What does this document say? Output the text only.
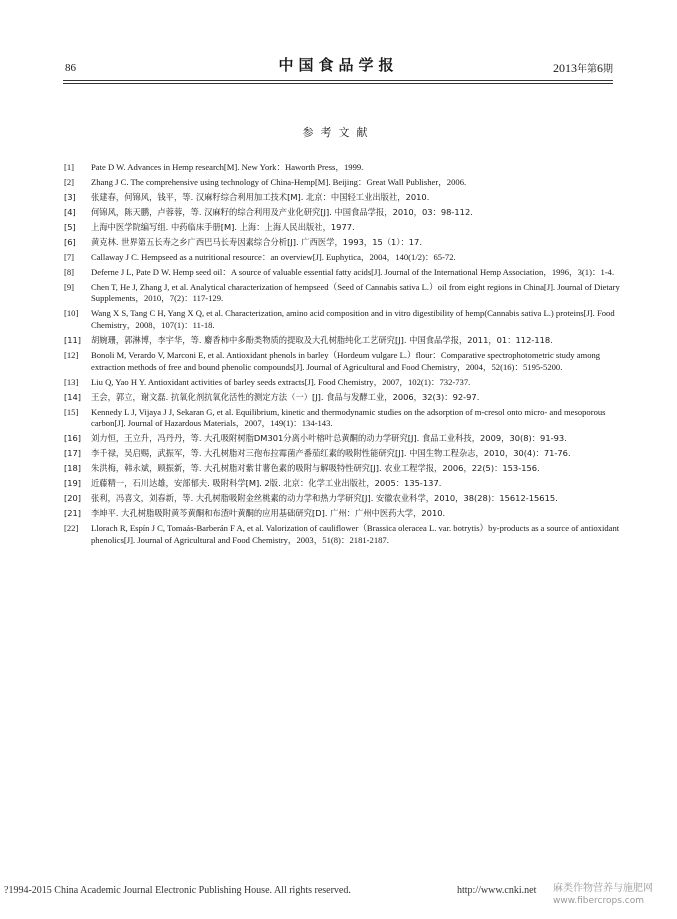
86	中国食品学报	2013年第6期
参考文献
[1] Pate D W. Advances in Hemp research[M]. New York：Haworth Press，1999.
[2] Zhang J C. The comprehensive using technology of China-Hemp[M]. Beijing：Great Wall Publisher，2006.
[3] 张建春，何锦风，钱平，等. 汉麻籽综合利用加工技术[M]. 北京：中国轻工业出版社，2010.
[4] 何锦风，陈天鹏，卢蓉蓉，等. 汉麻籽的综合利用及产业化研究[J]. 中国食品学报，2010，03：98-112.
[5] 上海中医学院编写组. 中药临床手册[M]. 上海：上海人民出版社，1977.
[6] 黄克林. 世界第五长寿之乡广西巴马长寿因素综合分析[J]. 广西医学，1993，15（1）：17.
[7] Callaway J C. Hempseed as a nutritional resource：an overview[J]. Euphytica，2004，140(1/2)：65-72.
[8] Deferne J L, Pate D W. Hemp seed oil：A source of valuable essential fatty acids[J]. Journal of the International Hemp Association，1996，3(1)：1-4.
[9] Chen T, He J, Zhang J, et al. Analytical characterization of hempseed（Seed of Cannabis sativa L.）oil from eight regions in China[J]. Journal of Dietary Supplements，2010，7(2)：117-129.
[10] Wang X S, Tang C H, Yang X Q, et al. Characterization, amino acid composition and in vitro digestibility of hemp(Cannabis sativa L.) proteins[J]. Food Chemistry，2008，107(1)：11-18.
[11] 胡婉珊，郭淋博，李宇华，等. 麝香柿中多酚类物质的提取及大孔树脂纯化工艺研究[J]. 中国食品学报，2011，01：112-118.
[12] Bonoli M, Verardo V, Marconi E, et al. Antioxidant phenols in barley（Hordeum vulgare L.）flour：Comparative spectrophotometric study among extraction methods of free and bound phenolic compounds[J]. Journal of Agricultural and Food Chemistry，2004，52(16)：5195-5200.
[13] Liu Q, Yao H Y. Antioxidant activities of barley seeds extracts[J]. Food Chemistry，2007，102(1)：732-737.
[14] 王会，郭立，谢文磊. 抗氧化剂抗氧化活性的测定方法（一）[J]. 食品与发酵工业，2006，32(3)：92-97.
[15] Kennedy L J, Vijaya J J, Sekaran G, et al. Equilibrium, kinetic and thermodynamic studies on the adsorption of m-cresol onto micro- and mesoporous carbon[J]. Journal of Hazardous Materials，2007，149(1)：134-143.
[16] 刘力恒，王立升，冯丹丹，等. 大孔吸附树脂DM301分离小叶榕叶总黄酮的动力学研究[J]. 食品工业科技，2009，30(8)：91-93.
[17] 李千禄，吴启赐，武振军，等. 大孔树脂对三孢布拉霉菌产番茄红素的吸附性能研究[J]. 中国生物工程杂志，2010，30(4)：71-76.
[18] 朱洪梅，韩永斌，顾振新，等. 大孔树脂对紫甘薯色素的吸附与解吸特性研究[J]. 农业工程学报，2006，22(5)：153-156.
[19] 近藤精一，石川达雄，安部郁夫. 吸附科学[M]. 2版. 北京：化学工业出版社，2005：135-137.
[20] 张利，冯喜文，刘春新，等. 大孔树脂吸附金丝桃素的动力学和热力学研究[J]. 安徽农业科学，2010，38(28)：15612-15615.
[21] 李坤平. 大孔树脂吸附黄芩黄酮和布渣叶黄酮的应用基础研究[D]. 广州：广州中医药大学，2010.
[22] Llorach R, Espín J C, Tomaás-Barberán F A, et al. Valorization of cauliflower（Brassica oleracea L. var. botrytis）by-products as a source of antioxidant phenolics[J]. Journal of Agricultural and Food Chemistry，2003，51(8)：2181-2187.
?1994-2015 China Academic Journal Electronic Publishing House. All rights reserved.	http://www.cnki.net 麻类作物营养与施肥网
www.fibercrops.com
